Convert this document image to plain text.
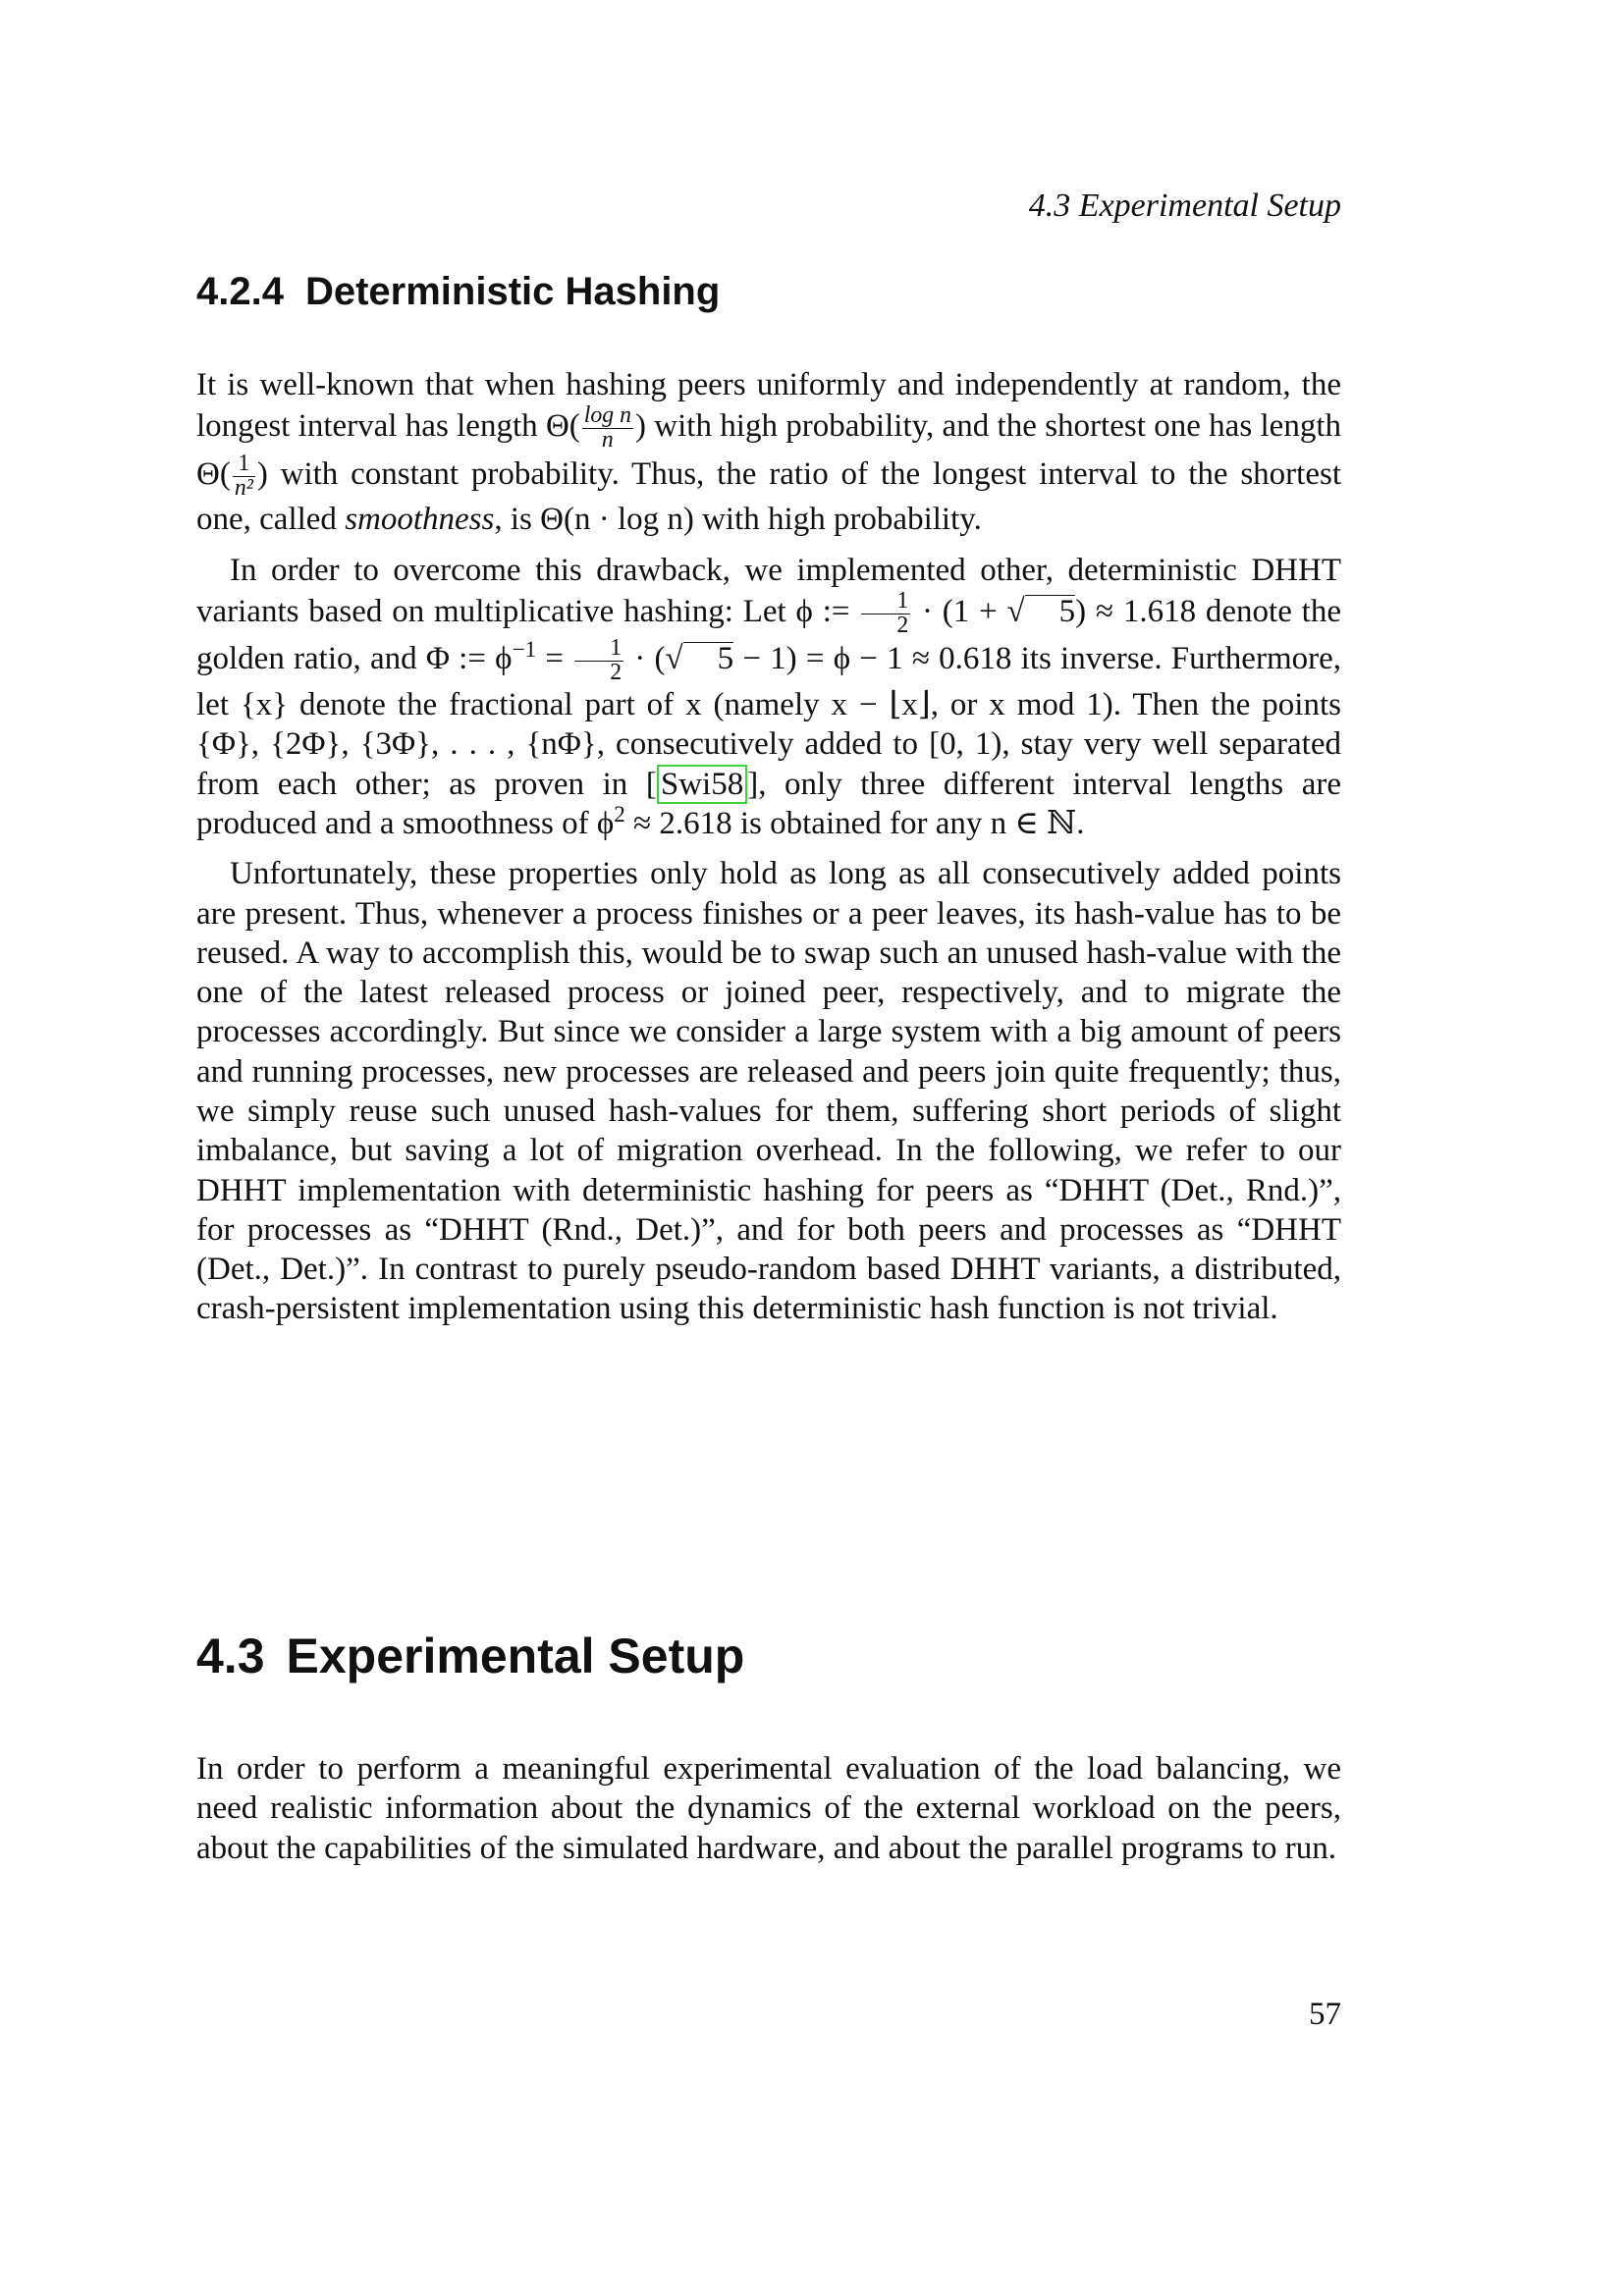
4.3 Experimental Setup
4.2.4 Deterministic Hashing

It is well-known that when hashing peers uniformly and independently at random, the longest interval has length $\Theta( \frac{\text{log n}}{n}$ ) with high probability, and the shortest one has length $\Theta( \frac{1}{\text{n²}}$ ) with constant probability. Thus, the ratio of the longest interval to the shortest one, called smoothness, is Θ(n · log n) with high probability.

In order to overcome this drawback, we implemented other, deterministic DHHT variants based on multiplicative hashing: Let ϕ := $\frac{1}{2} \cdot (1$ + √ 5) ≈ 1.618 denote the golden ratio, and Φ := $\phi^{-1} = \frac{1}{2}$ · (√ 5 − 1) = ϕ − 1 ≈ 0.618 its inverse. Furthermore, let {x} denote the fractional part of x (namely x − ⌊x⌋, or x mod 1). Then the points {Φ}, {2Φ}, {3Φ}, . . . , {nΦ}, consecutively added to [0, 1), stay very well separated from each other; as proven in [ Swi58 ], only three different interval lengths are produced and a smoothness of $\phi^2 \approx 2.618$ is obtained for any n ∈ ℕ.

Unfortunately, these properties only hold as long as all consecutively added points are present. Thus, whenever a process finishes or a peer leaves, its hash-value has to be reused. A way to accomplish this, would be to swap such an unused hash-value with the one of the latest released process or joined peer, respectively, and to migrate the processes accordingly. But since we consider a large system with a big amount of peers and running processes, new processes are released and peers join quite frequently; thus, we simply reuse such unused hash-values for them, suffering short periods of slight imbalance, but saving a lot of migration overhead. In the following, we refer to our DHHT implementation with deterministic hashing for peers as “DHHT (Det., Rnd.)”, for processes as “DHHT (Rnd., Det.)”, and for both peers and processes as “DHHT (Det., Det.)”. In contrast to purely pseudo-random based DHHT variants, a distributed, crash-persistent implementation using this deterministic hash function is not trivial.

4.3 Experimental Setup

In order to perform a meaningful experimental evaluation of the load balancing, we need realistic information about the dynamics of the external workload on the peers, about the capabilities of the simulated hardware, and about the parallel programs to run.

57
